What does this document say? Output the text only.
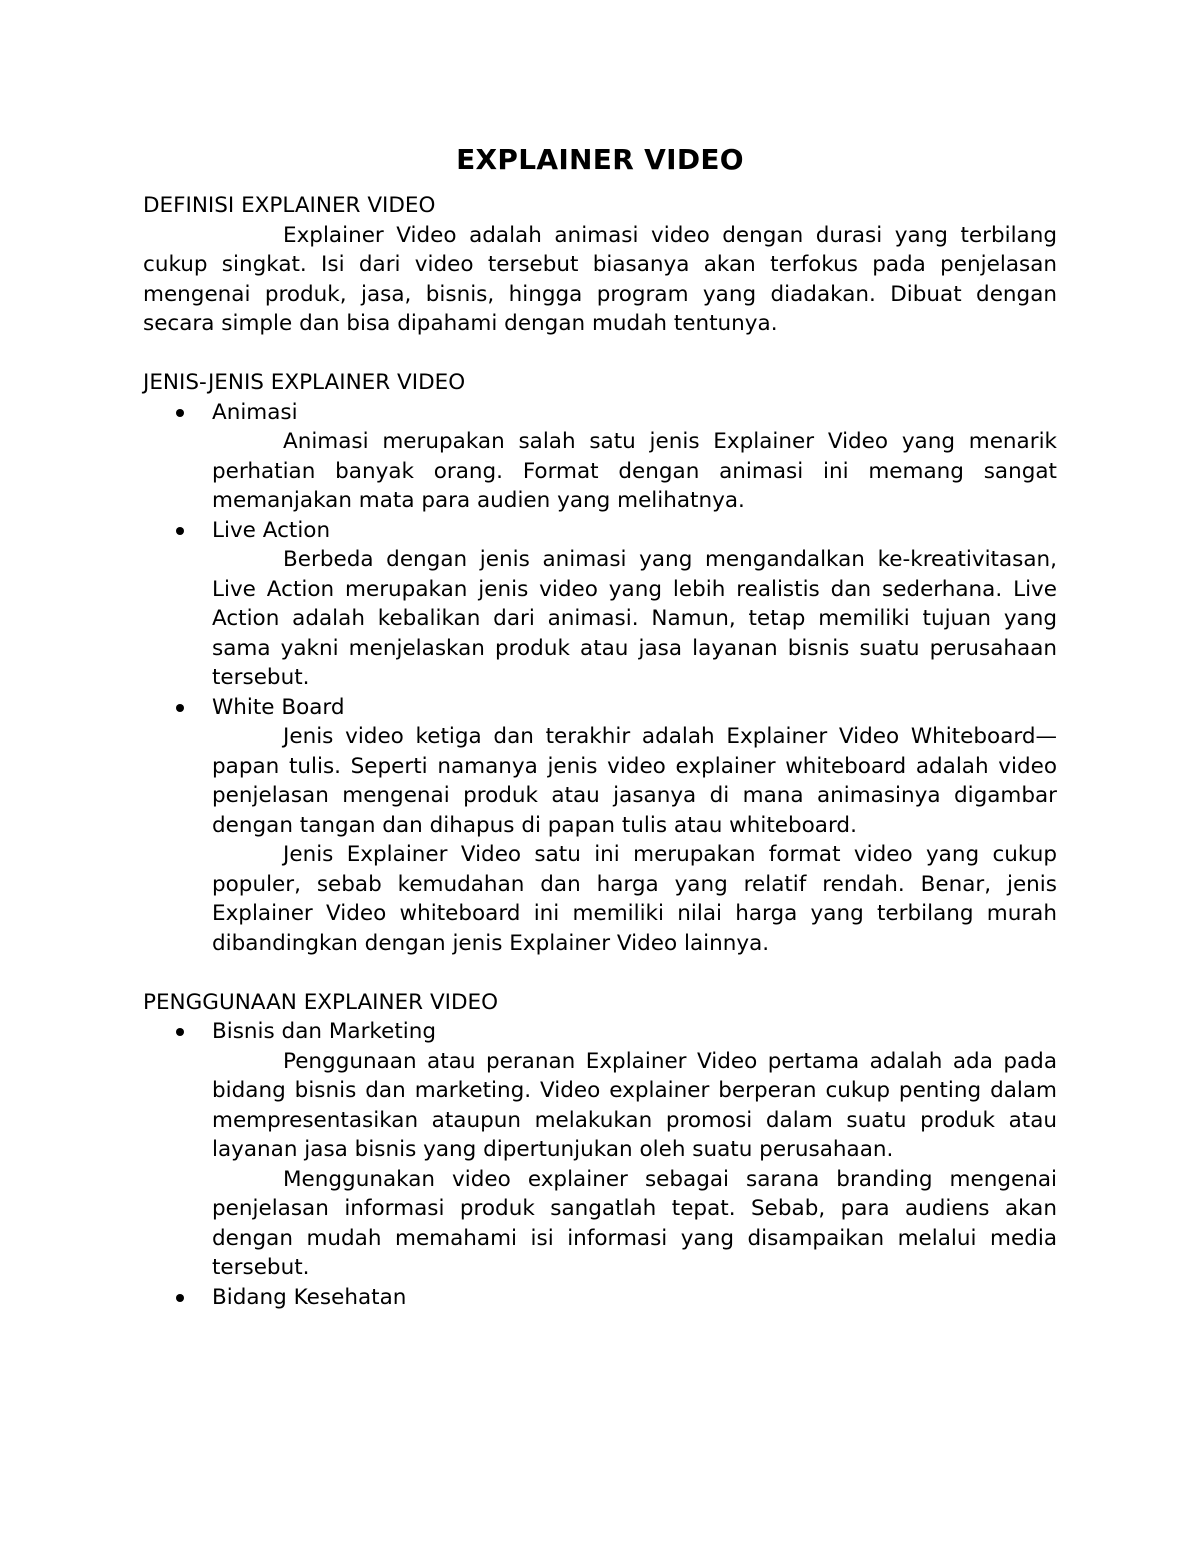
EXPLAINER VIDEO

DEFINISI EXPLAINER VIDEO

Explainer Video adalah animasi video dengan durasi yang terbilang cukup singkat. Isi dari video tersebut biasanya akan terfokus pada penjelasan mengenai produk, jasa, bisnis, hingga program yang diadakan. Dibuat dengan secara simple dan bisa dipahami dengan mudah tentunya.

JENIS-JENIS EXPLAINER VIDEO

Animasi

Animasi merupakan salah satu jenis Explainer Video yang menarik perhatian banyak orang. Format dengan animasi ini memang sangat memanjakan mata para audien yang melihatnya.

Live Action

Berbeda dengan jenis animasi yang mengandalkan ke-kreativitasan, Live Action merupakan jenis video yang lebih realistis dan sederhana. Live Action adalah kebalikan dari animasi. Namun, tetap memiliki tujuan yang sama yakni menjelaskan produk atau jasa layanan bisnis suatu perusahaan tersebut.

White Board

Jenis video ketiga dan terakhir adalah Explainer Video Whiteboard—papan tulis. Seperti namanya jenis video explainer whiteboard adalah video penjelasan mengenai produk atau jasanya di mana animasinya digambar dengan tangan dan dihapus di papan tulis atau whiteboard.

Jenis Explainer Video satu ini merupakan format video yang cukup populer, sebab kemudahan dan harga yang relatif rendah. Benar, jenis Explainer Video whiteboard ini memiliki nilai harga yang terbilang murah dibandingkan dengan jenis Explainer Video lainnya.

PENGGUNAAN EXPLAINER VIDEO

Bisnis dan Marketing

Penggunaan atau peranan Explainer Video pertama adalah ada pada bidang bisnis dan marketing. Video explainer berperan cukup penting dalam mempresentasikan ataupun melakukan promosi dalam suatu produk atau layanan jasa bisnis yang dipertunjukan oleh suatu perusahaan.

Menggunakan video explainer sebagai sarana branding mengenai penjelasan informasi produk sangatlah tepat. Sebab, para audiens akan dengan mudah memahami isi informasi yang disampaikan melalui media tersebut.

Bidang Kesehatan
